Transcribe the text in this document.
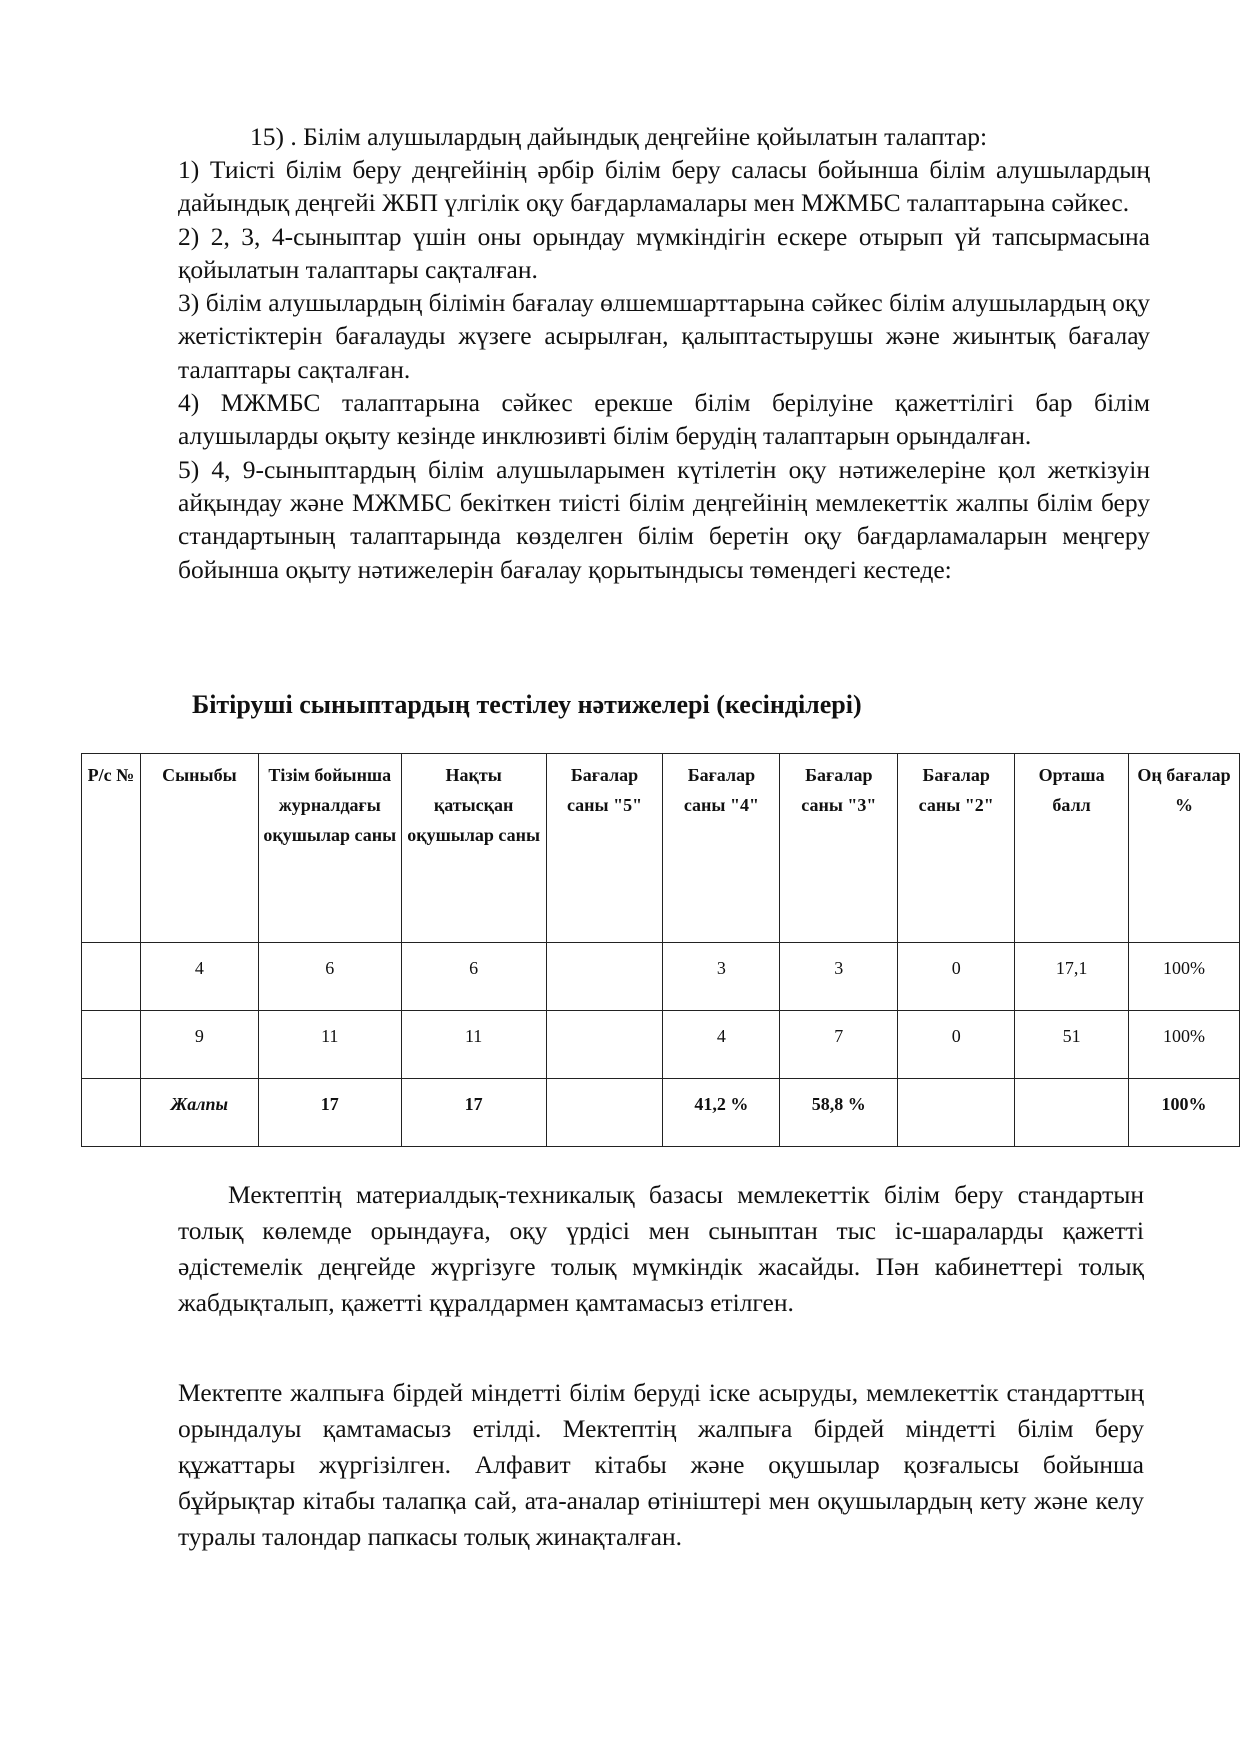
15) . Білім алушылардың дайындық деңгейіне қойылатын талаптар:

1) Тиісті білім беру деңгейінің әрбір білім беру саласы бойынша білім алушылардың дайындық деңгейі ЖБП үлгілік оқу бағдарламалары мен МЖМБС талаптарына сәйкес.

2) 2, 3, 4-сыныптар үшін оны орындау мүмкіндігін ескере отырып үй тапсырмасына қойылатын талаптары сақталған.

3) білім алушылардың білімін бағалау өлшемшарттарына сәйкес білім алушылардың оқу жетістіктерін бағалауды жүзеге асырылған, қалыптастырушы және жиынтық бағалау талаптары сақталған.

4) МЖМБС талаптарына сәйкес ерекше білім берілуіне қажеттілігі бар білім алушыларды оқыту кезінде инклюзивті білім берудің талаптарын орындалған.

5) 4, 9-сыныптардың білім алушыларымен күтілетін оқу нәтижелеріне қол жеткізуін айқындау және МЖМБС бекіткен тиісті білім деңгейінің мемлекеттік жалпы білім беру стандартының талаптарында көзделген білім беретін оқу бағдарламаларын меңгеру бойынша оқыту нәтижелерін бағалау қорытындысы төмендегі кестеде:

Бітіруші сыныптардың тестілеу нәтижелері (кесінділері)
Р/с №	Сыныбы	Тізім бойынша журналдағы оқушылар саны	Нақты қатысқан оқушылар саны	Бағалар саны "5"	Бағалар саны "4"	Бағалар саны "3"	Бағалар саны "2"	Орташа балл	Оң бағалар %
	4	6	6		3	3	0	17,1	100%
	9	11	11		4	7	0	51	100%
	Жалпы	17	17		41,2 %	58,8 %			100%

Мектептің материалдық-техникалық базасы мемлекеттік білім беру стандартын толық көлемде орындауға, оқу үрдісі мен сыныптан тыс іс-шараларды қажетті әдістемелік деңгейде жүргізуге толық мүмкіндік жасайды. Пән кабинеттері толық жабдықталып, қажетті құралдармен қамтамасыз етілген.

Мектепте жалпыға бірдей міндетті білім беруді іске асыруды, мемлекеттік стандарттың орындалуы қамтамасыз етілді. Мектептің жалпыға бірдей міндетті білім беру құжаттары жүргізілген. Алфавит кітабы және оқушылар қозғалысы бойынша бұйрықтар кітабы талапқа сай, ата-аналар өтініштері мен оқушылардың кету және келу туралы талондар папкасы толық жинақталған.
